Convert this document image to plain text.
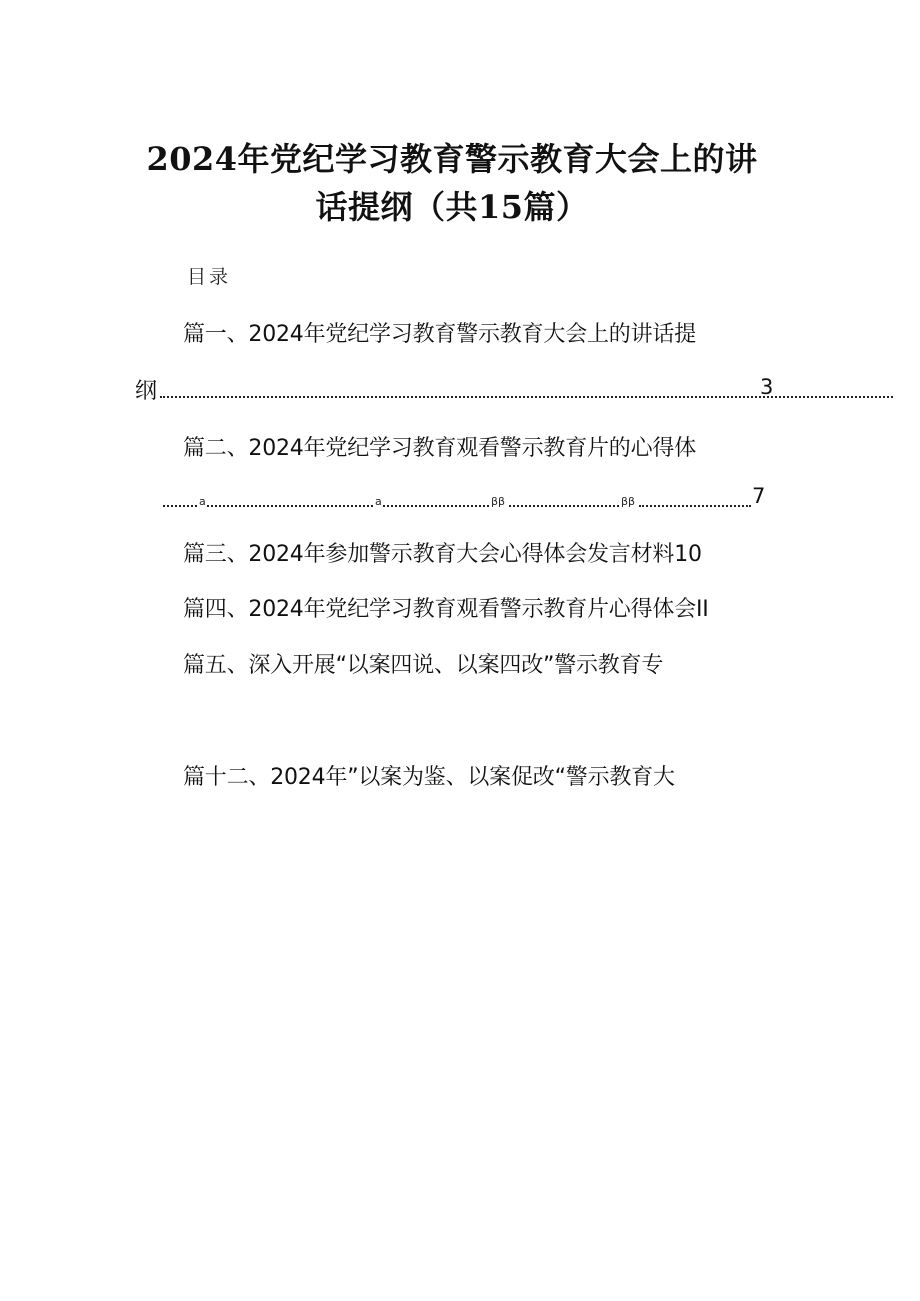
2024年党纪学习教育警示教育大会上的讲
话提纲（共15篇）
目录
篇一、2024年党纪学习教育警示教育大会上的讲话提
纲	3
篇二、2024年党纪学习教育观看警示教育片的心得体
a	a	ββ	ββ	7
篇三、2024年参加警示教育大会心得体会发言材料10
篇四、2024年党纪学习教育观看警示教育片心得体会II
篇五、深入开展“以案四说、以案四改”警示教育专
篇十二、2024年”以案为鉴、以案促改“警示教育大
